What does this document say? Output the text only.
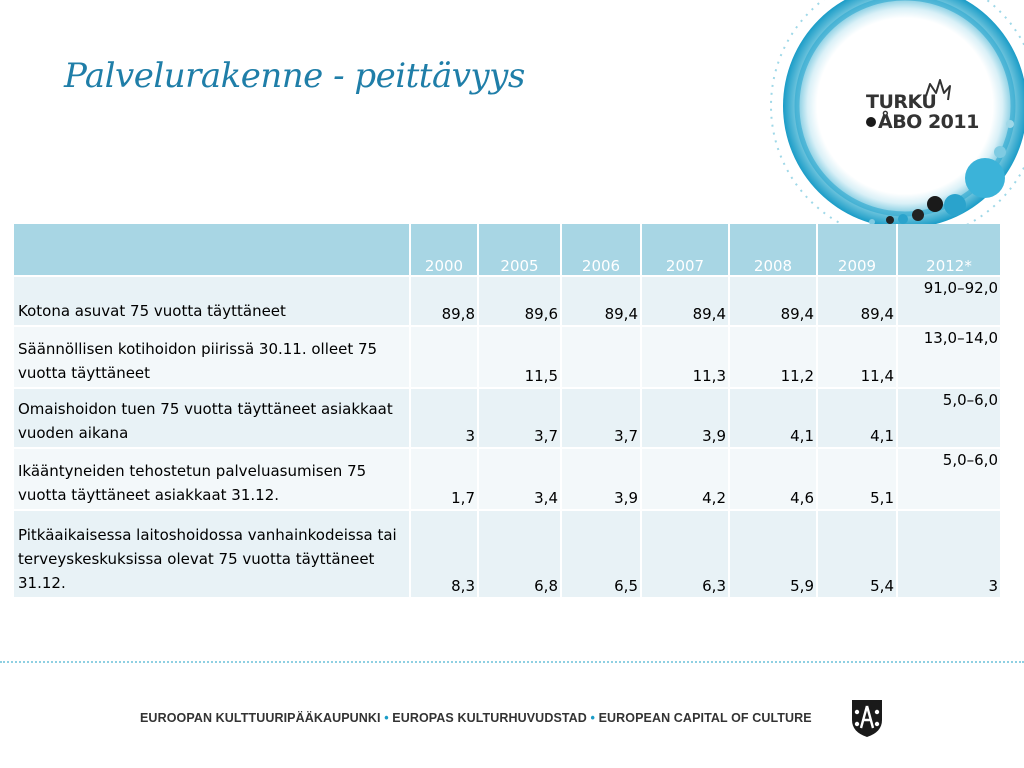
TURKU
ÅBO 2011
Palvelurakenne - peittävyys
	2000	2005	2006	2007	2008	2009	2012*
Kotona asuvat 75 vuotta täyttäneet	89,8	89,6	89,4	89,4	89,4	89,4	91,0–92,0
Säännöllisen kotihoidon piirissä 30.11. olleet 75 vuotta täyttäneet		11,5		11,3	11,2	11,4	13,0–14,0
Omaishoidon tuen 75 vuotta täyttäneet asiakkaat vuoden aikana	3	3,7	3,7	3,9	4,1	4,1	5,0–6,0
Ikääntyneiden tehostetun palveluasumisen 75 vuotta täyttäneet asiakkaat 31.12.	1,7	3,4	3,9	4,2	4,6	5,1	5,0–6,0
Pitkäaikaisessa laitoshoidossa vanhainkodeissa tai terveyskeskuksissa olevat 75 vuotta täyttäneet 31.12.	8,3	6,8	6,5	6,3	5,9	5,4	3
EUROOPAN KULTTUURIPÄÄKAUPUNKI • EUROPAS KULTURHUVUDSTAD • EUROPEAN CAPITAL OF CULTURE
